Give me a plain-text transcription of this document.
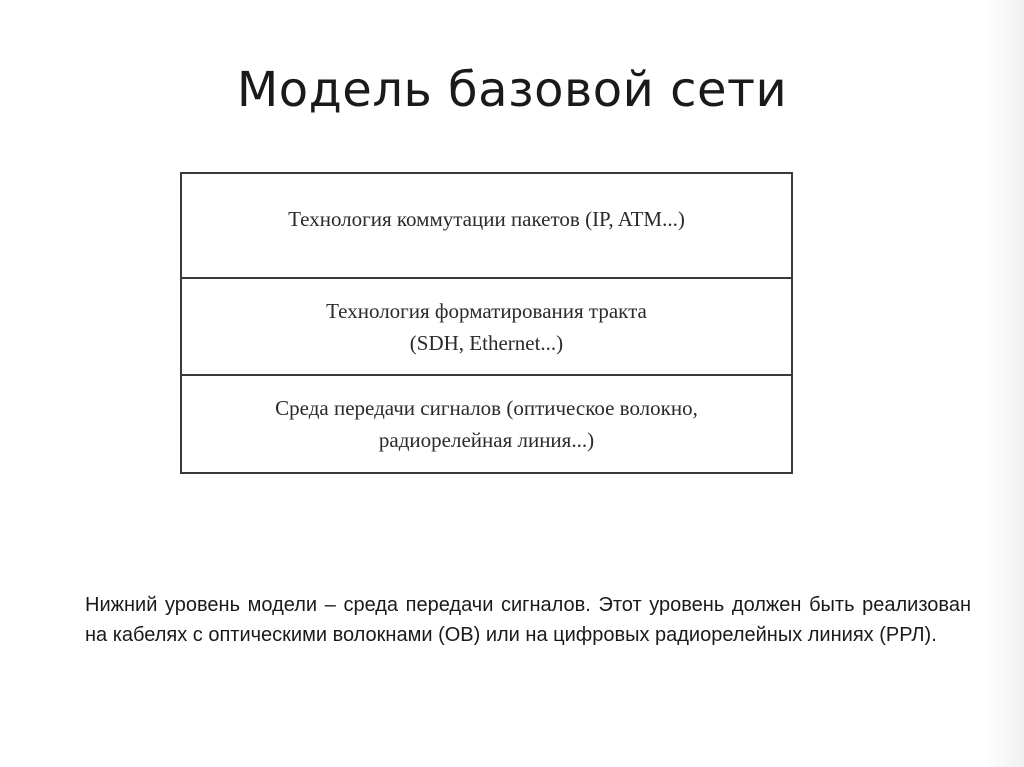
Модель базовой сети
Технология коммутации пакетов (IP, ATM...)
Технология форматирования тракта
(SDH, Ethernet...)
Среда передачи сигналов (оптическое волокно,
радиорелейная линия...)
Нижний уровень модели – среда передачи сигналов. Этот уровень должен быть реализован на кабелях с оптическими волокнами (ОВ) или на цифровых радиорелейных линиях (РРЛ).
